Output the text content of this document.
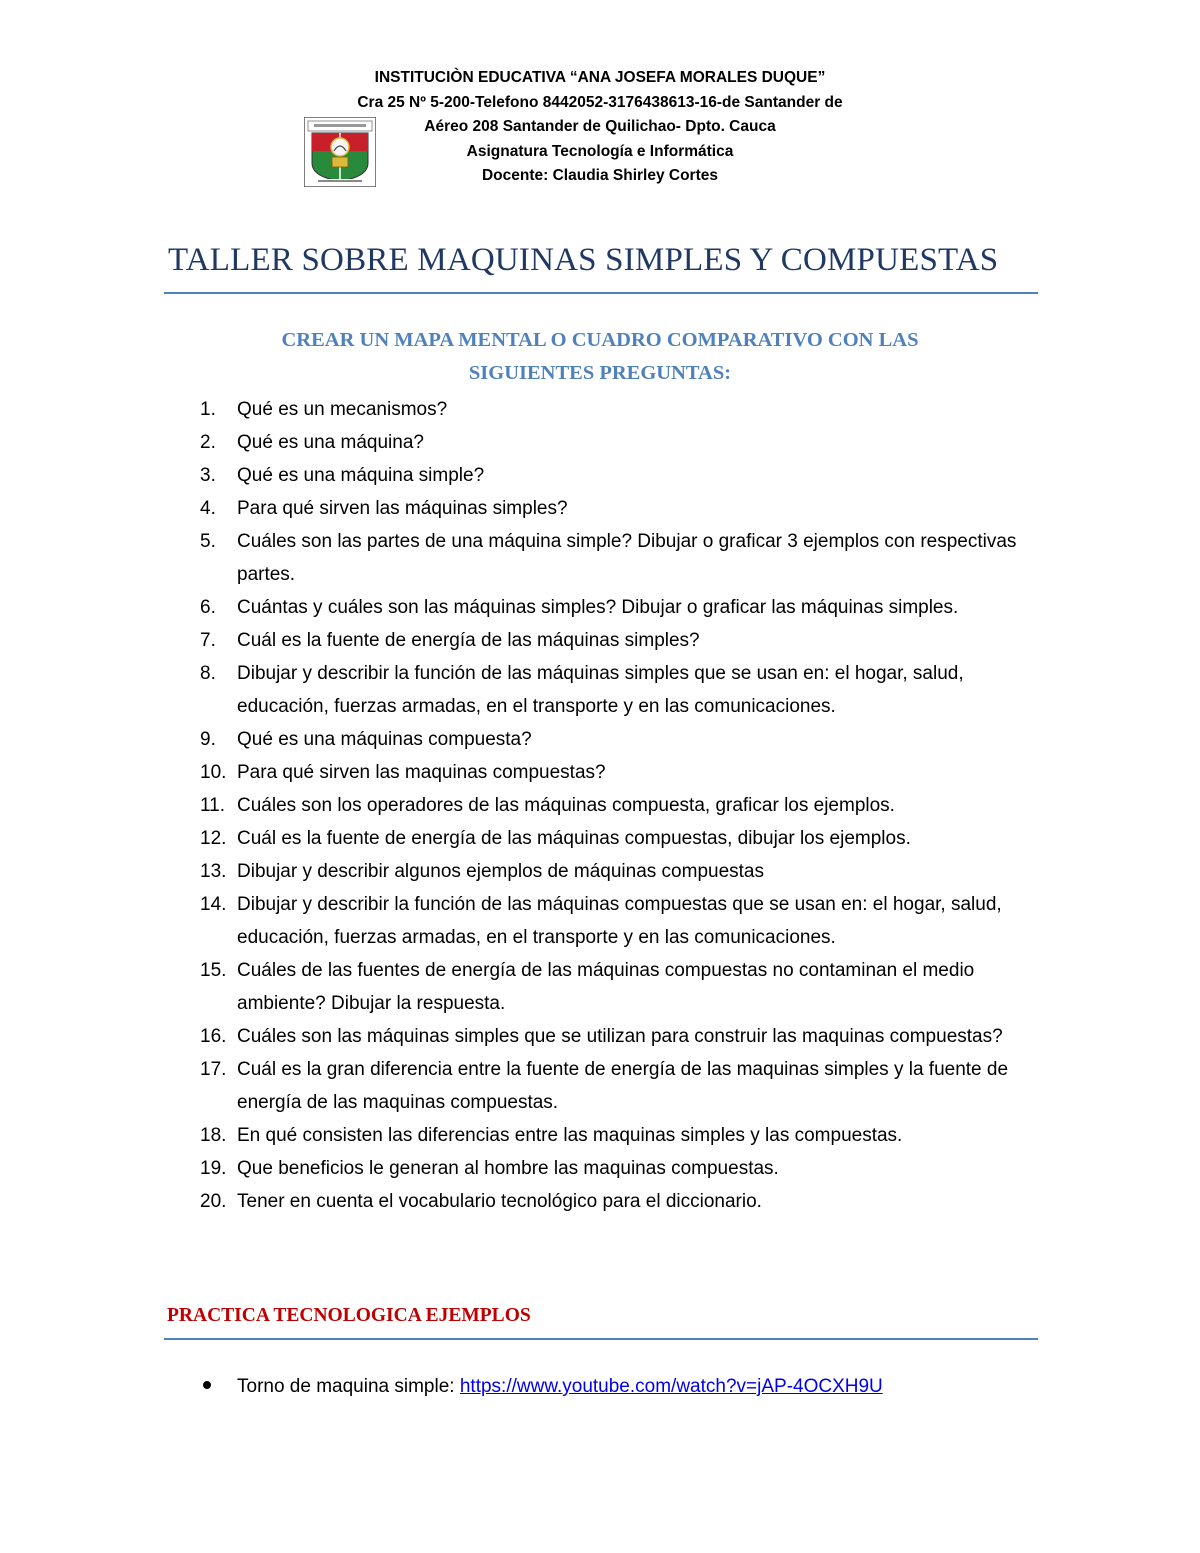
INSTITUCIÒN EDUCATIVA “ANA JOSEFA MORALES DUQUE”
Cra 25 Nº 5-200-Telefono 8442052-3176438613-16-de Santander de
Aéreo 208 Santander de Quilichao- Dpto. Cauca
Asignatura Tecnología e Informática
Docente: Claudia Shirley Cortes
TALLER SOBRE MAQUINAS SIMPLES Y COMPUESTAS
CREAR UN MAPA MENTAL O CUADRO COMPARATIVO CON LAS
SIGUIENTES PREGUNTAS:
1. Qué es un mecanismos?
2. Qué es una máquina?
3. Qué es una máquina simple?
4. Para qué sirven las máquinas simples?
5. Cuáles son las partes de una máquina simple? Dibujar o graficar 3 ejemplos con respectivas partes.
6. Cuántas y cuáles son las máquinas simples? Dibujar o graficar las máquinas simples.
7. Cuál es la fuente de energía de las máquinas simples?
8. Dibujar y describir la función de las máquinas simples que se usan en: el hogar, salud, educación, fuerzas armadas, en el transporte y en las comunicaciones.
9. Qué es una máquinas compuesta?
10. Para qué sirven las maquinas compuestas?
11. Cuáles son los operadores de las máquinas compuesta, graficar los ejemplos.
12. Cuál es la fuente de energía de las máquinas compuestas, dibujar los ejemplos.
13. Dibujar y describir algunos ejemplos de máquinas compuestas
14. Dibujar y describir la función de las máquinas compuestas que se usan en: el hogar, salud, educación, fuerzas armadas, en el transporte y en las comunicaciones.
15. Cuáles de las fuentes de energía de las máquinas compuestas no contaminan el medio ambiente? Dibujar la respuesta.
16. Cuáles son las máquinas simples que se utilizan para construir las maquinas compuestas?
17. Cuál es la gran diferencia entre la fuente de energía de las maquinas simples y la fuente de energía de las maquinas compuestas.
18. En qué consisten las diferencias entre las maquinas simples y las compuestas.
19. Que beneficios le generan al hombre las maquinas compuestas.
20. Tener en cuenta el vocabulario tecnológico para el diccionario.
PRACTICA TECNOLOGICA EJEMPLOS
Torno de maquina simple: https://www.youtube.com/watch?v=jAP-4OCXH9U
